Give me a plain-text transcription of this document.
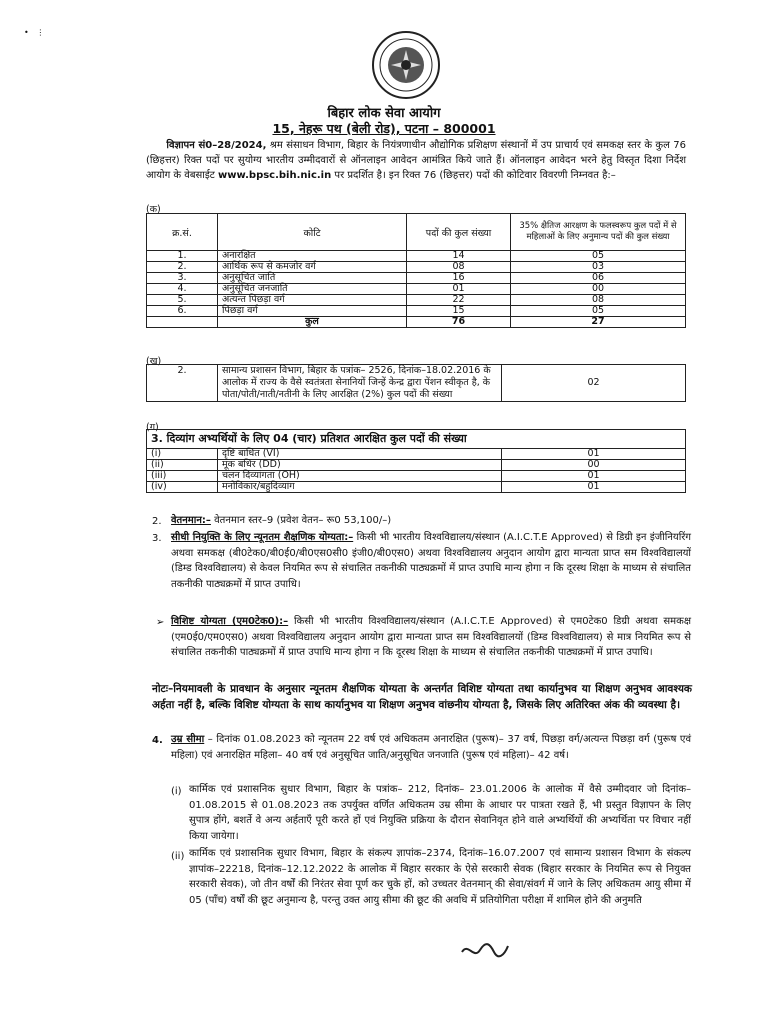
•   ⋮
बिहार लोक सेवा आयोग
15, नेहरू पथ (बेली रोड), पटना – 800001
विज्ञापन सं0–28/2024, श्रम संसाधन विभाग, बिहार के नियंत्रणाधीन औद्योगिक प्रशिक्षण संस्थानों में उप प्राचार्य एवं समकक्ष स्तर के कुल 76 (छिहत्तर) रिक्त पदों पर सुयोग्य भारतीय उम्मीदवारों से ऑनलाइन आवेदन आमंत्रित किये जाते हैं। ऑनलाइन आवेदन भरने हेतु विस्तृत दिशा निर्देश आयोग के वेबसाईट www.bpsc.bih.nic.in पर प्रदर्शित है। इन रिक्त 76 (छिहत्तर) पदों की कोटिवार विवरणी निम्नवत है:–
(क)
क्र.सं.	कोटि	पदों की कुल संख्या	35% क्षैतिज आरक्षण के फलस्वरूप कुल पदों में से महिलाओं के लिए अनुमान्य पदों की कुल संख्या
1.	अनारक्षित	14	05
2.	आर्थिक रूप से कमजोर वर्ग	08	03
3.	अनुसूचित जाति	16	06
4.	अनुसूचित जनजाति	01	00
5.	अत्यन्त पिछड़ा वर्ग	22	08
6.	पिछड़ा वर्ग	15	05
	कुल	76	27
(ख)
2.	सामान्य प्रशासन विभाग, बिहार के पत्रांक– 2526, दिनांक–18.02.2016 के आलोक में राज्य के वैसे स्वतंत्रता सेनानियों जिन्हें केन्द्र द्वारा पेंशन स्वीकृत है, के पोता/पोती/नाती/नतीनी के लिए आरक्षित (2%) कुल पदों की संख्या	02
(ग)
3. दिव्यांग अभ्यर्थियों के लिए 04 (चार) प्रतिशत आरक्षित कुल पदों की संख्या		
(i)	दृष्टि बाधित (VI)	01
(ii)	मूक बधिर (DD)	00
(iii)	चलन दिव्यांगता (OH)	01
(iv)	मनोविकार/बहुदिव्यांग	01
2. वेतनमान:– वेतनमान स्तर–9 (प्रवेश वेतन– रू0 53,100/–)
3. सीधी नियुक्ति के लिए न्यूनतम शैक्षणिक योग्यता:– किसी भी भारतीय विश्वविद्यालय/संस्थान (A.I.C.T.E Approved) से डिग्री इन इंजीनियरिंग अथवा समकक्ष (बी0टेक0/बी0ई0/बी0एस0सी0 इंजी0/बी0एस0) अथवा विश्वविद्यालय अनुदान आयोग द्वारा मान्यता प्राप्त सम विश्वविद्यालयों (डिम्ड विश्वविद्यालय) से केवल नियमित रूप से संचालित तकनीकी पाठ्यक्रमों में प्राप्त उपाधि मान्य होगा न कि दूरस्थ शिक्षा के माध्यम से संचालित तकनीकी पाठ्यक्रमों में प्राप्त उपाधि।
➢ विशिष्ट योग्यता (एम0टेक0):– किसी भी भारतीय विश्वविद्यालय/संस्थान (A.I.C.T.E Approved) से एम0टेक0 डिग्री अथवा समकक्ष (एम0ई0/एम0एस0) अथवा विश्वविद्यालय अनुदान आयोग द्वारा मान्यता प्राप्त सम विश्वविद्यालयों (डिम्ड विश्वविद्यालय) से मात्र नियमित रूप से संचालित तकनीकी पाठ्यक्रमों में प्राप्त उपाधि मान्य होगा न कि दूरस्थ शिक्षा के माध्यम से संचालित तकनीकी पाठ्यक्रमों में प्राप्त उपाधि।
नोटः–नियमावली के प्रावधान के अनुसार न्यूनतम शैक्षणिक योग्यता के अन्तर्गत विशिष्ट योग्यता तथा कार्यानुभव या शिक्षण अनुभव आवश्यक अर्हता नहीं है, बल्कि विशिष्ट योग्यता के साथ कार्यानुभव या शिक्षण अनुभव वांछनीय योग्यता है, जिसके लिए अतिरिक्त अंक की व्यवस्था है।
4. उम्र सीमा – दिनांक 01.08.2023 को न्यूनतम 22 वर्ष एवं अधिकतम अनारक्षित (पुरूष)– 37 वर्ष, पिछड़ा वर्ग/अत्यन्त पिछड़ा वर्ग (पुरूष एवं महिला) एवं अनारक्षित महिला– 40 वर्ष एवं अनुसूचित जाति/अनुसूचित जनजाति (पुरूष एवं महिला)– 42 वर्ष।
(i) कार्मिक एवं प्रशासनिक सुधार विभाग, बिहार के पत्रांक– 212, दिनांक– 23.01.2006 के आलोक में वैसे उम्मीदवार जो दिनांक– 01.08.2015 से 01.08.2023 तक उपर्युक्त वर्णित अधिकतम उम्र सीमा के आधार पर पात्रता रखते हैं, भी प्रस्तुत विज्ञापन के लिए सुपात्र होंगे, बशर्ते वे अन्य अर्हताएँ पूरी करते हों एवं नियुक्ति प्रक्रिया के दौरान सेवानिवृत होने वाले अभ्यर्थियों की अभ्यर्थिता पर विचार नहीं किया जायेगा।
(ii) कार्मिक एवं प्रशासनिक सुधार विभाग, बिहार के संकल्प ज्ञापांक–2374, दिनांक–16.07.2007 एवं सामान्य प्रशासन विभाग के संकल्प ज्ञापांक–22218, दिनांक–12.12.2022 के आलोक में बिहार सरकार के ऐसे सरकारी सेवक (बिहार सरकार के नियमित रूप से नियुक्त सरकारी सेवक), जो तीन वर्षों की निरंतर सेवा पूर्ण कर चुके हों, को उच्चतर वेतनमान् की सेवा/संवर्ग में जाने के लिए अधिकतम आयु सीमा में 05 (पाँच) वर्षों की छूट अनुमान्य है, परन्तु उक्त आयु सीमा की छूट की अवधि में प्रतियोगिता परीक्षा में शामिल होने की अनुमति
